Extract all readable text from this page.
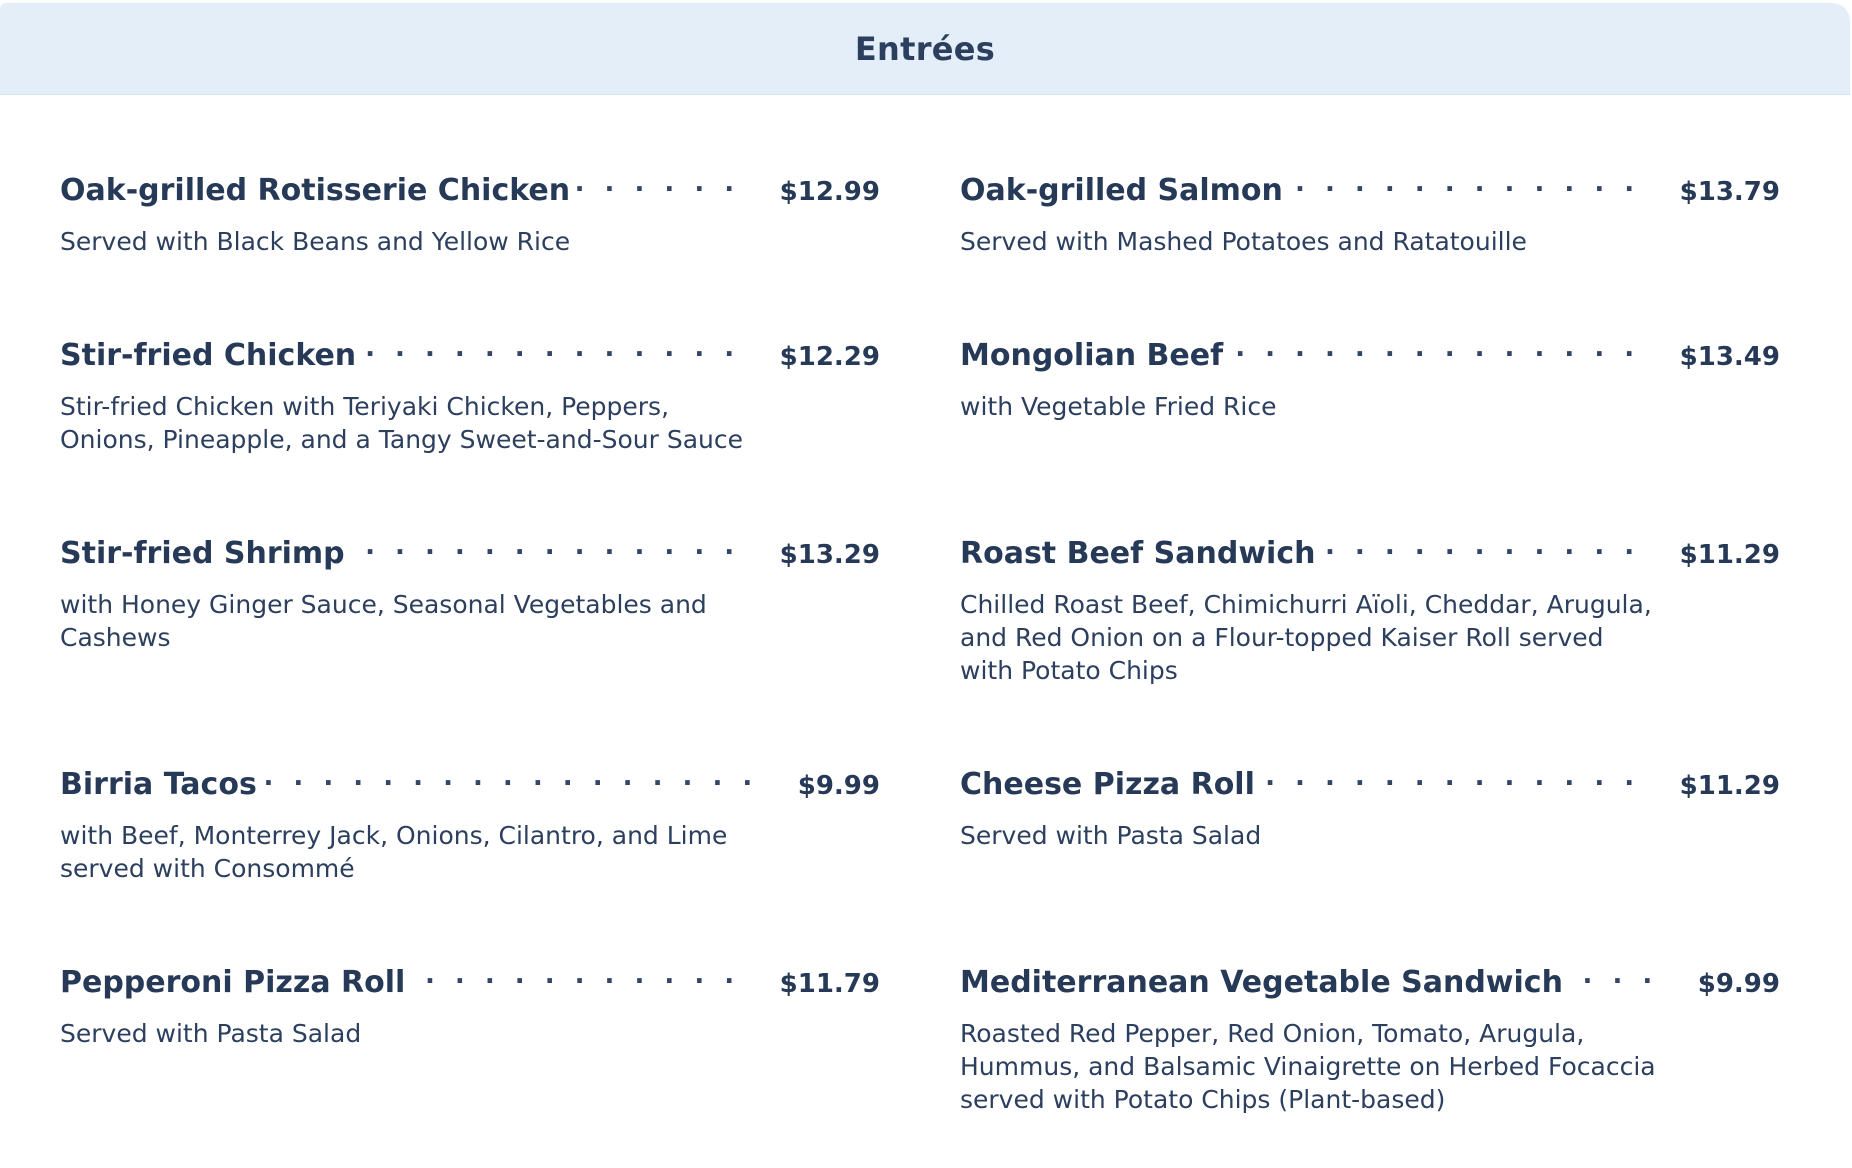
Entrées
Oak-grilled Rotisserie Chicken . . .	$12.99
Served with Black Beans and Yellow Rice
Stir-fried Chicken . . .	$12.29
Stir-fried Chicken with Teriyaki Chicken, Peppers, Onions, Pineapple, and a Tangy Sweet-and-Sour Sauce
Stir-fried Shrimp . . .	$13.29
with Honey Ginger Sauce, Seasonal Vegetables and Cashews
Birria Tacos . . .	$9.99
with Beef, Monterrey Jack, Onions, Cilantro, and Lime served with Consommé
Pepperoni Pizza Roll . . .	$11.79
Served with Pasta Salad
Oak-grilled Salmon . . .	$13.79
Served with Mashed Potatoes and Ratatouille
Mongolian Beef . . .	$13.49
with Vegetable Fried Rice
Roast Beef Sandwich . . .	$11.29
Chilled Roast Beef, Chimichurri Aïoli, Cheddar, Arugula, and Red Onion on a Flour-topped Kaiser Roll served with Potato Chips
Cheese Pizza Roll . . .	$11.29
Served with Pasta Salad
Mediterranean Vegetable Sandwich . . .	$9.99
Roasted Red Pepper, Red Onion, Tomato, Arugula, Hummus, and Balsamic Vinaigrette on Herbed Focaccia served with Potato Chips (Plant-based)
